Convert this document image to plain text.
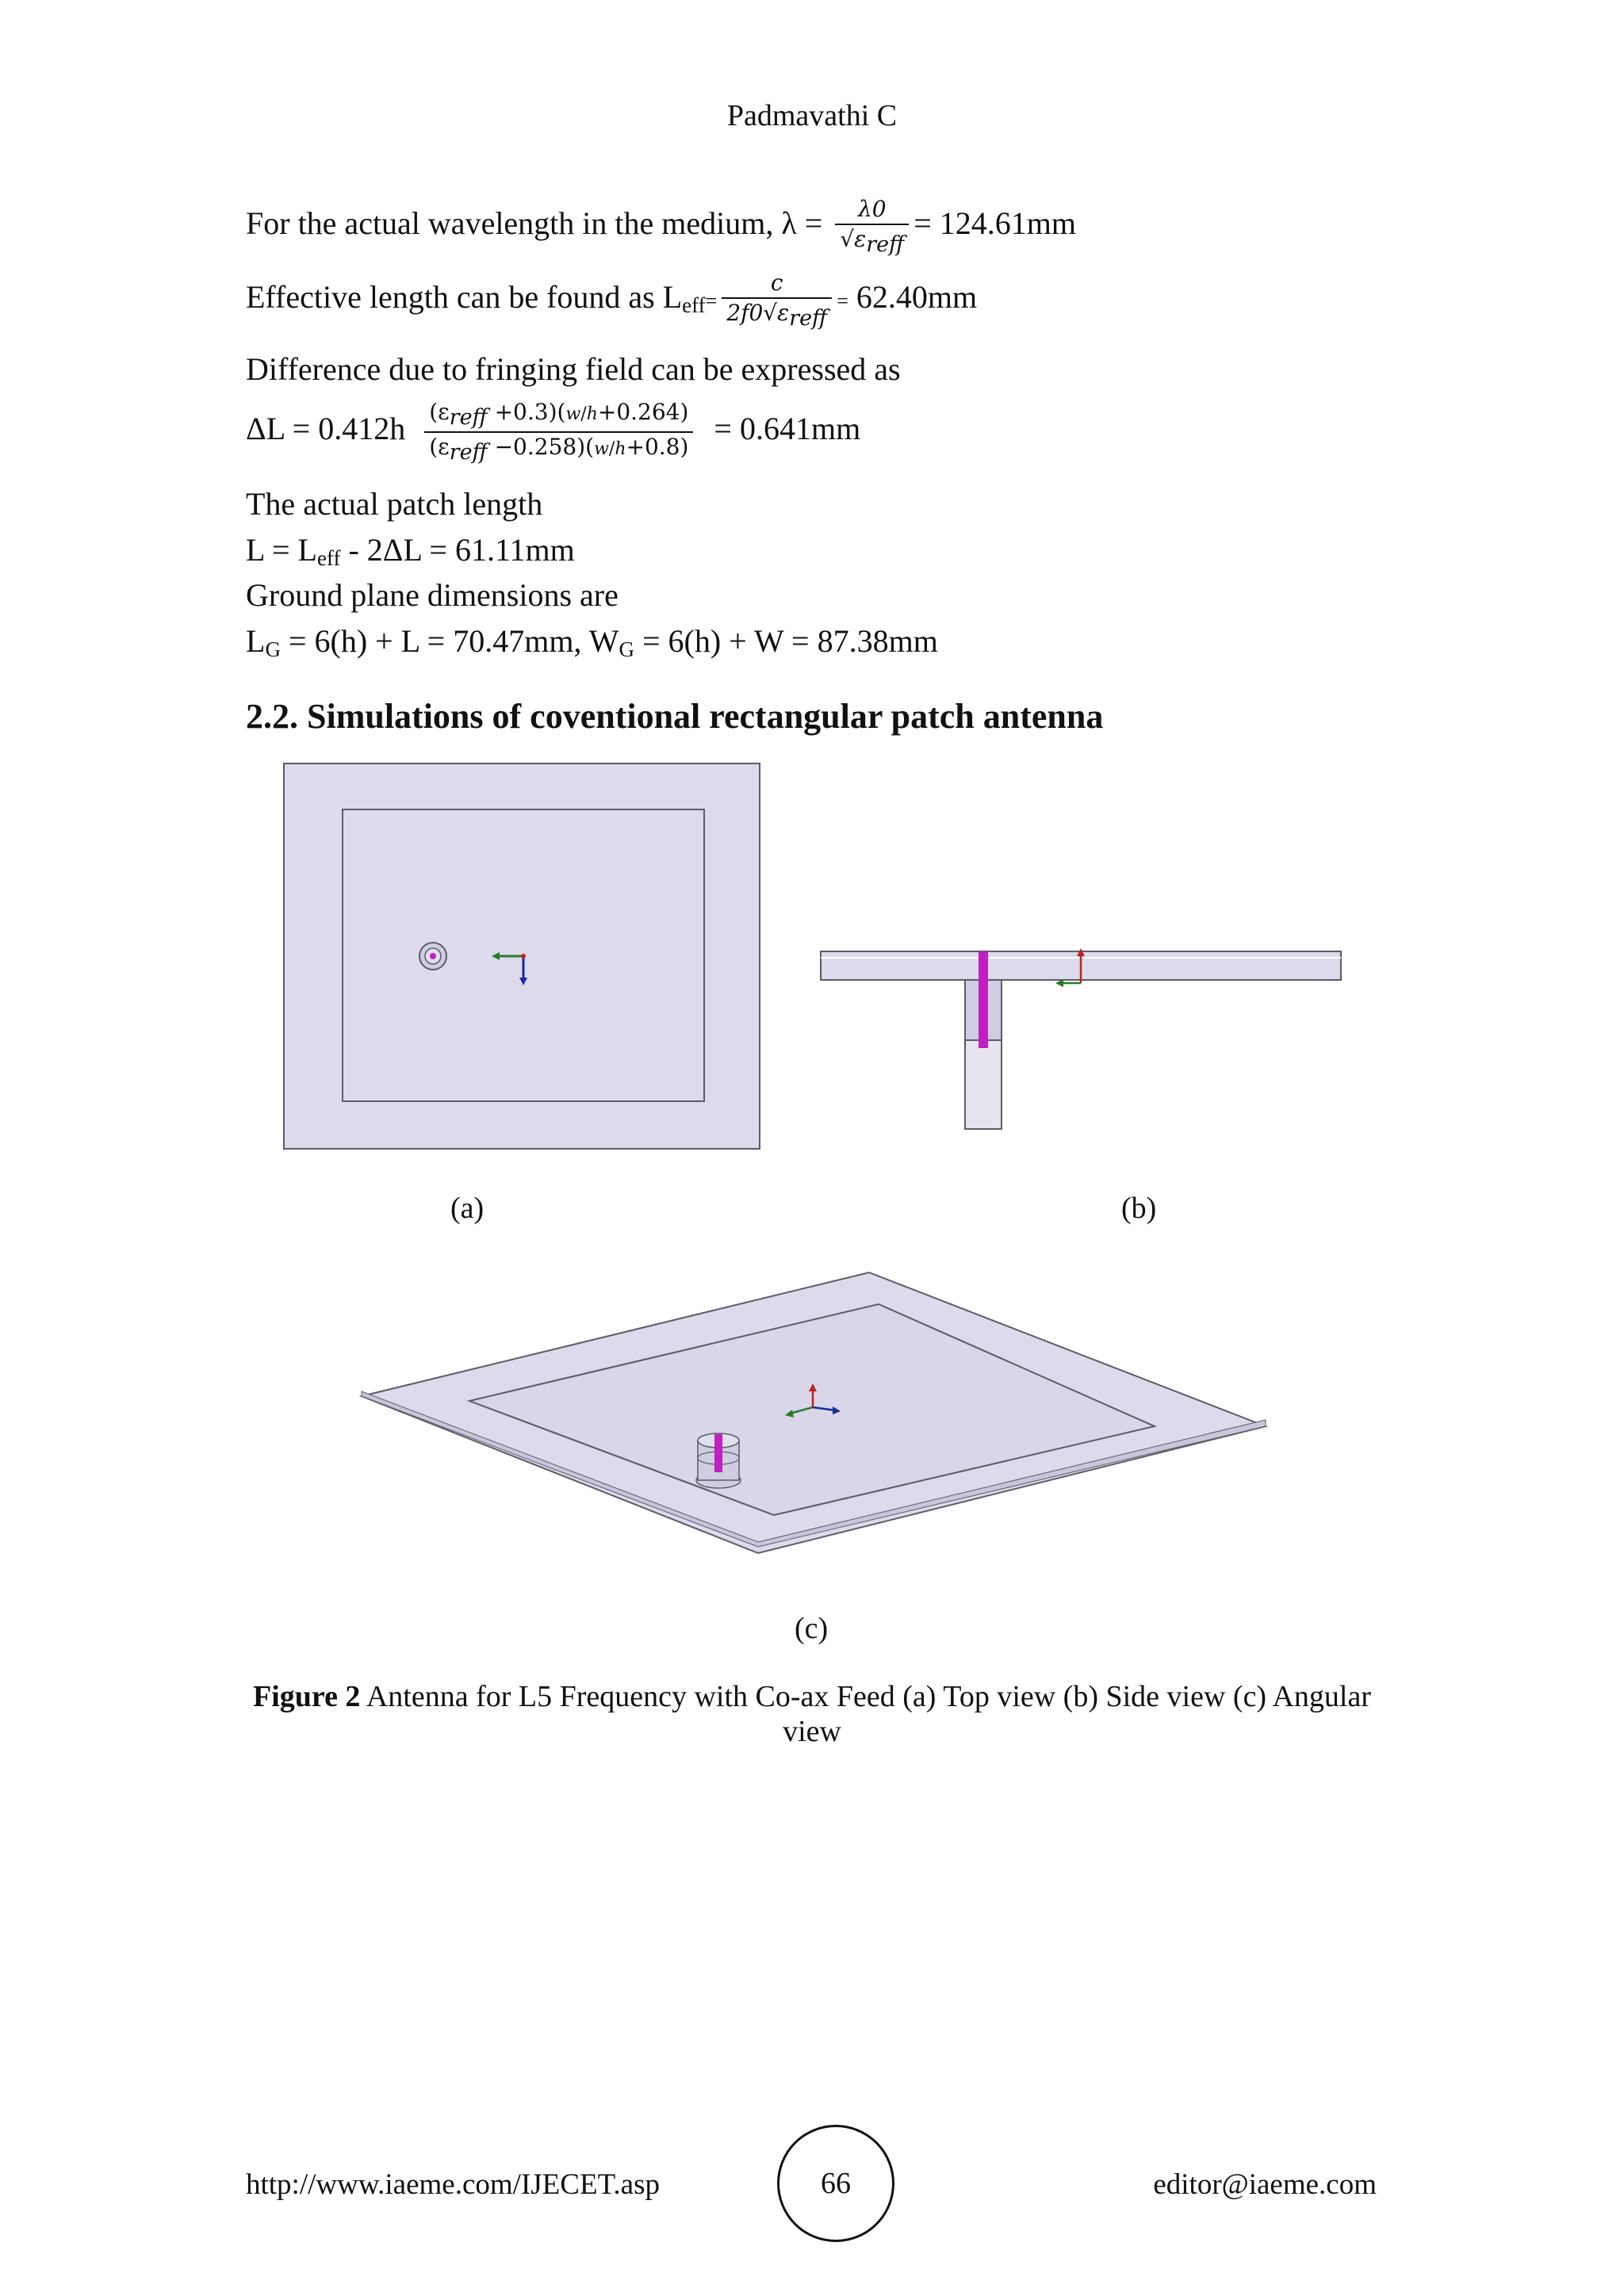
Padmavathi C
For the actual wavelength in the medium, $\lambda = \frac{\lambda 0}{\text{√εreff}} = 124.61mm$
Effective length can be found as $L_{eff}= \frac{c}{\text{2f0√εreff}} = 62.40mm$
Difference due to fringing field can be expressed as
$\Delta L = 0.412h \frac{\text{(εreff +0.3)(w/h+0.264)}}{\text{(εreff −0.258)(w/h+0.8)}} = 0.641mm$
The actual patch length
$L = L_{eff} - 2\Delta L = 61.11mm$
Ground plane dimensions are
$L_G = 6(h) + L = 70.47mm$, $W_G = 6(h) + W = 87.38mm$
2.2. Simulations of coventional rectangular patch antenna
(a)	(b)
(c)
Figure 2 Antenna for L5 Frequency with Co-ax Feed (a) Top view (b) Side view (c) Angular view
http://www.iaeme.com/IJECET.asp	66	editor@iaeme.com
